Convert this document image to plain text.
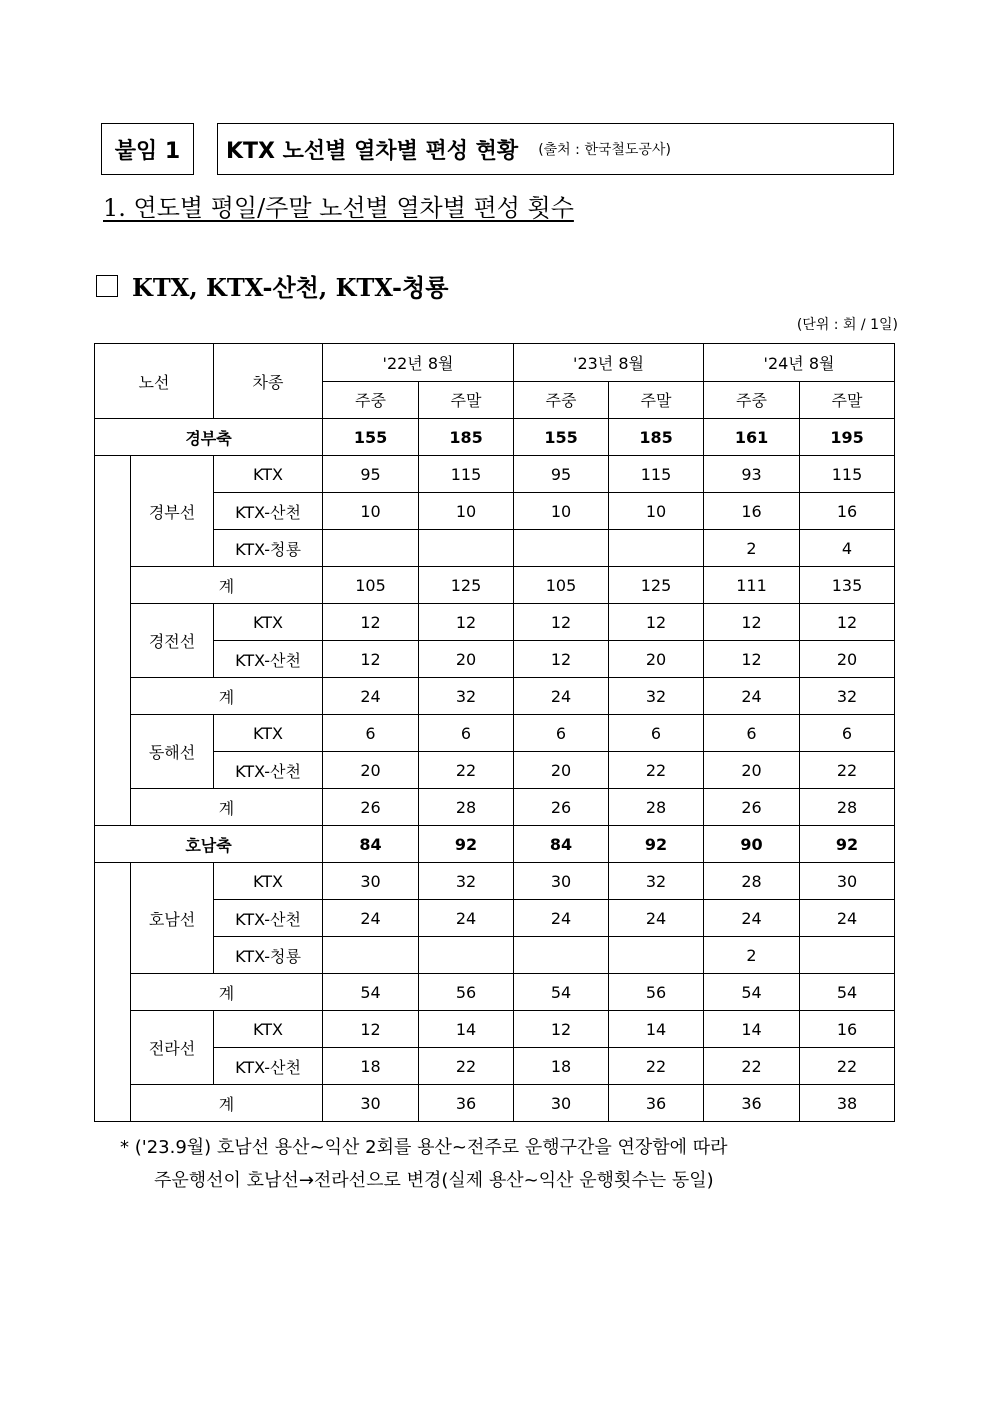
붙임 1	KTX 노선별 열차별 편성 현황 (출처 : 한국철도공사)
1. 연도별 평일/주말 노선별 열차별 편성 횟수
KTX, KTX-산천, KTX-청룡
(단위 : 회 / 1일)
노선		차종	'22년 8월		'23년 8월		'24년 8월	
			주중	주말	주중	주말	주중	주말
경부축			155	185	155	185	161	195
	경부선	KTX	95	115	95	115	93	115
		KTX-산천	10	10	10	10	16	16
		KTX-청룡					2	4
	계		105	125	105	125	111	135
	경전선	KTX	12	12	12	12	12	12
		KTX-산천	12	20	12	20	12	20
	계		24	32	24	32	24	32
	동해선	KTX	6	6	6	6	6	6
		KTX-산천	20	22	20	22	20	22
	계		26	28	26	28	26	28
호남축			84	92	84	92	90	92
	호남선	KTX	30	32	30	32	28	30
		KTX-산천	24	24	24	24	24	24
		KTX-청룡					2	
	계		54	56	54	56	54	54
	전라선	KTX	12	14	12	14	14	16
		KTX-산천	18	22	18	22	22	22
	계		30	36	30	36	36	38
* ('23.9월) 호남선 용산~익산 2회를 용산~전주로 운행구간을 연장함에 따라
주운행선이 호남선→전라선으로 변경(실제 용산~익산 운행횟수는 동일)
